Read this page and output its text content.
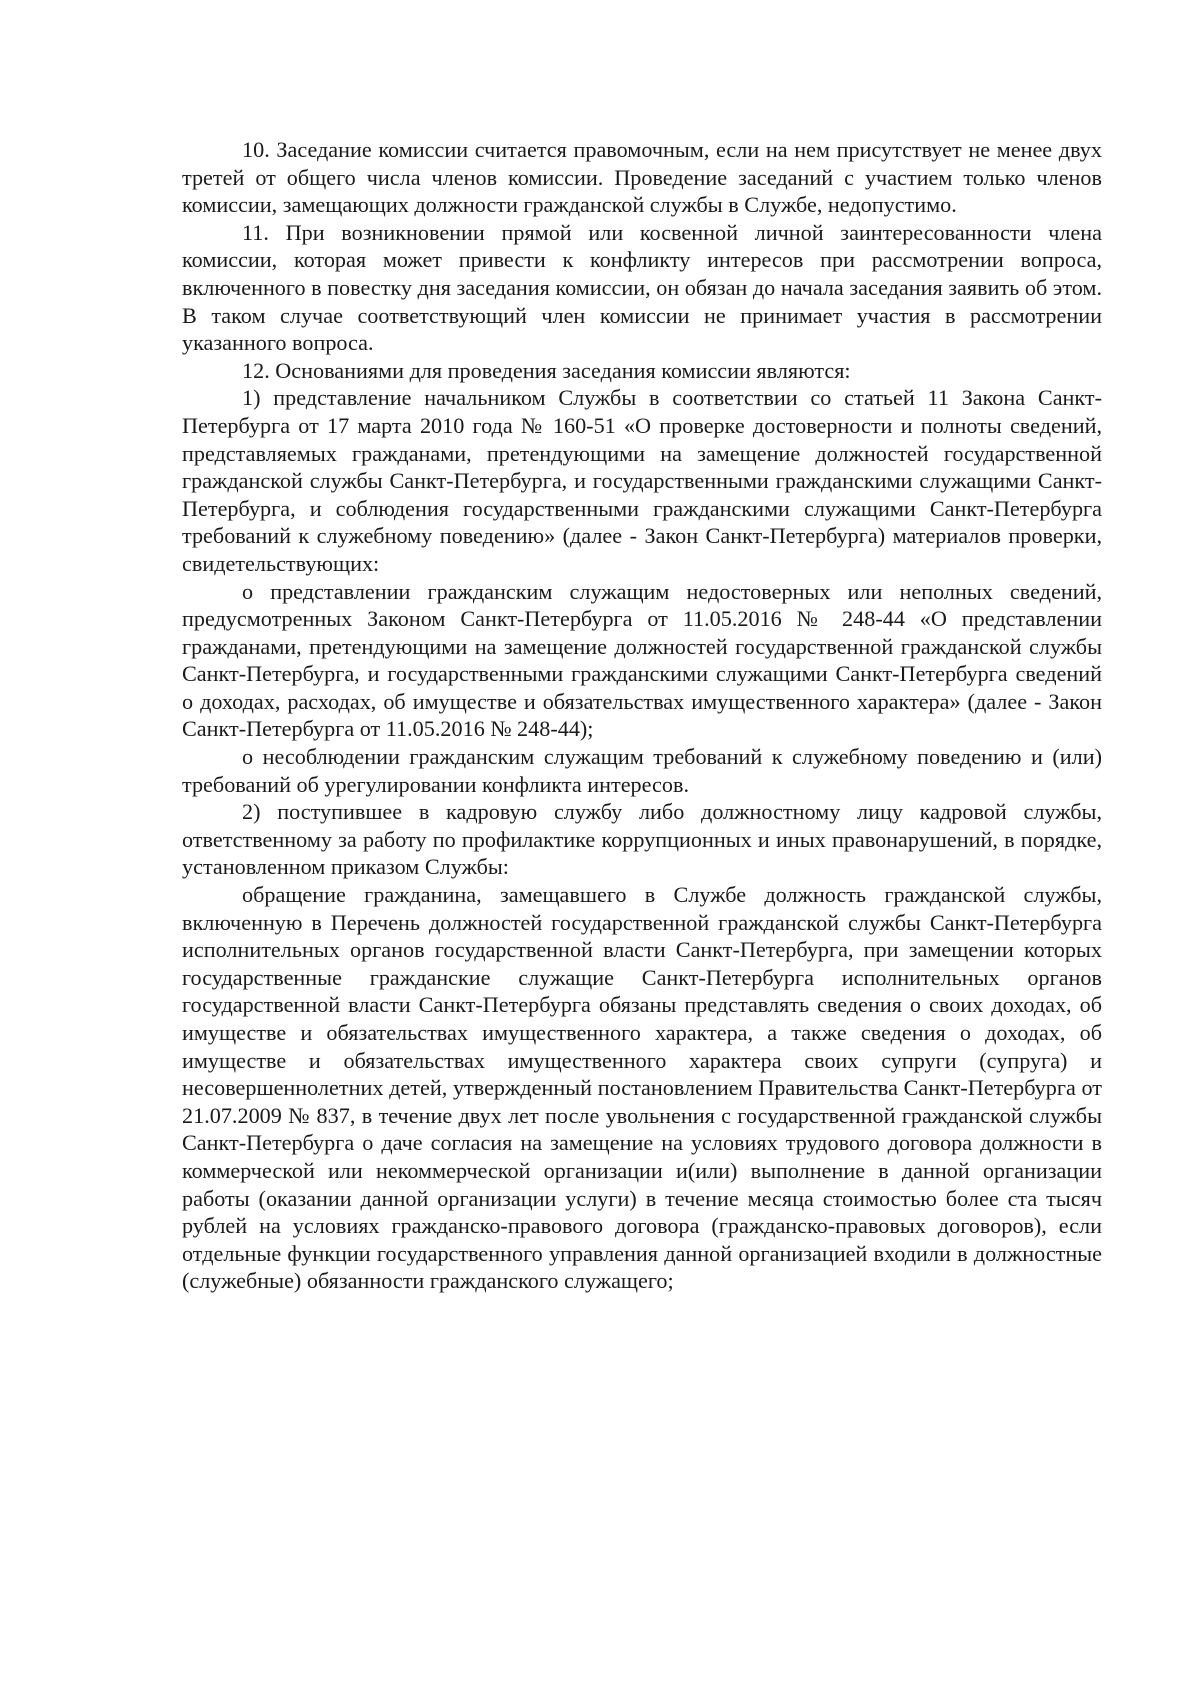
10. Заседание комиссии считается правомочным, если на нем присутствует не менее двух третей от общего числа членов комиссии. Проведение заседаний с участием только членов комиссии, замещающих должности гражданской службы в Службе, недопустимо.

11. При возникновении прямой или косвенной личной заинтересованности члена комиссии, которая может привести к конфликту интересов при рассмотрении вопроса, включенного в повестку дня заседания комиссии, он обязан до начала заседания заявить об этом. В таком случае соответствующий член комиссии не принимает участия в рассмотрении указанного вопроса.

12. Основаниями для проведения заседания комиссии являются:

1) представление начальником Службы в соответствии со статьей 11 Закона Санкт-Петербурга от 17 марта 2010 года № 160-51 «О проверке достоверности и полноты сведений, представляемых гражданами, претендующими на замещение должностей государственной гражданской службы Санкт-Петербурга, и государственными гражданскими служащими Санкт-Петербурга, и соблюдения государственными гражданскими служащими Санкт-Петербурга требований к служебному поведению» (далее - Закон Санкт-Петербурга) материалов проверки, свидетельствующих:

о представлении гражданским служащим недостоверных или неполных сведений, предусмотренных Законом Санкт-Петербурга от 11.05.2016 № 248-44 «О представлении гражданами, претендующими на замещение должностей государственной гражданской службы Санкт-Петербурга, и государственными гражданскими служащими Санкт-Петербурга сведений о доходах, расходах, об имуществе и обязательствах имущественного характера» (далее - Закон Санкт-Петербурга от 11.05.2016 № 248-44);

о несоблюдении гражданским служащим требований к служебному поведению и (или) требований об урегулировании конфликта интересов.

2) поступившее в кадровую службу либо должностному лицу кадровой службы, ответственному за работу по профилактике коррупционных и иных правонарушений, в порядке, установленном приказом Службы:

обращение гражданина, замещавшего в Службе должность гражданской службы, включенную в Перечень должностей государственной гражданской службы Санкт-Петербурга исполнительных органов государственной власти Санкт-Петербурга, при замещении которых государственные гражданские служащие Санкт-Петербурга исполнительных органов государственной власти Санкт-Петербурга обязаны представлять сведения о своих доходах, об имуществе и обязательствах имущественного характера, а также сведения о доходах, об имуществе и обязательствах имущественного характера своих супруги (супруга) и несовершеннолетних детей, утвержденный постановлением Правительства Санкт-Петербурга от 21.07.2009 № 837, в течение двух лет после увольнения с государственной гражданской службы Санкт-Петербурга о даче согласия на замещение на условиях трудового договора должности в коммерческой или некоммерческой организации и(или) выполнение в данной организации работы (оказании данной организации услуги) в течение месяца стоимостью более ста тысяч рублей на условиях гражданско-правового договора (гражданско-правовых договоров), если отдельные функции государственного управления данной организацией входили в должностные (служебные) обязанности гражданского служащего;
